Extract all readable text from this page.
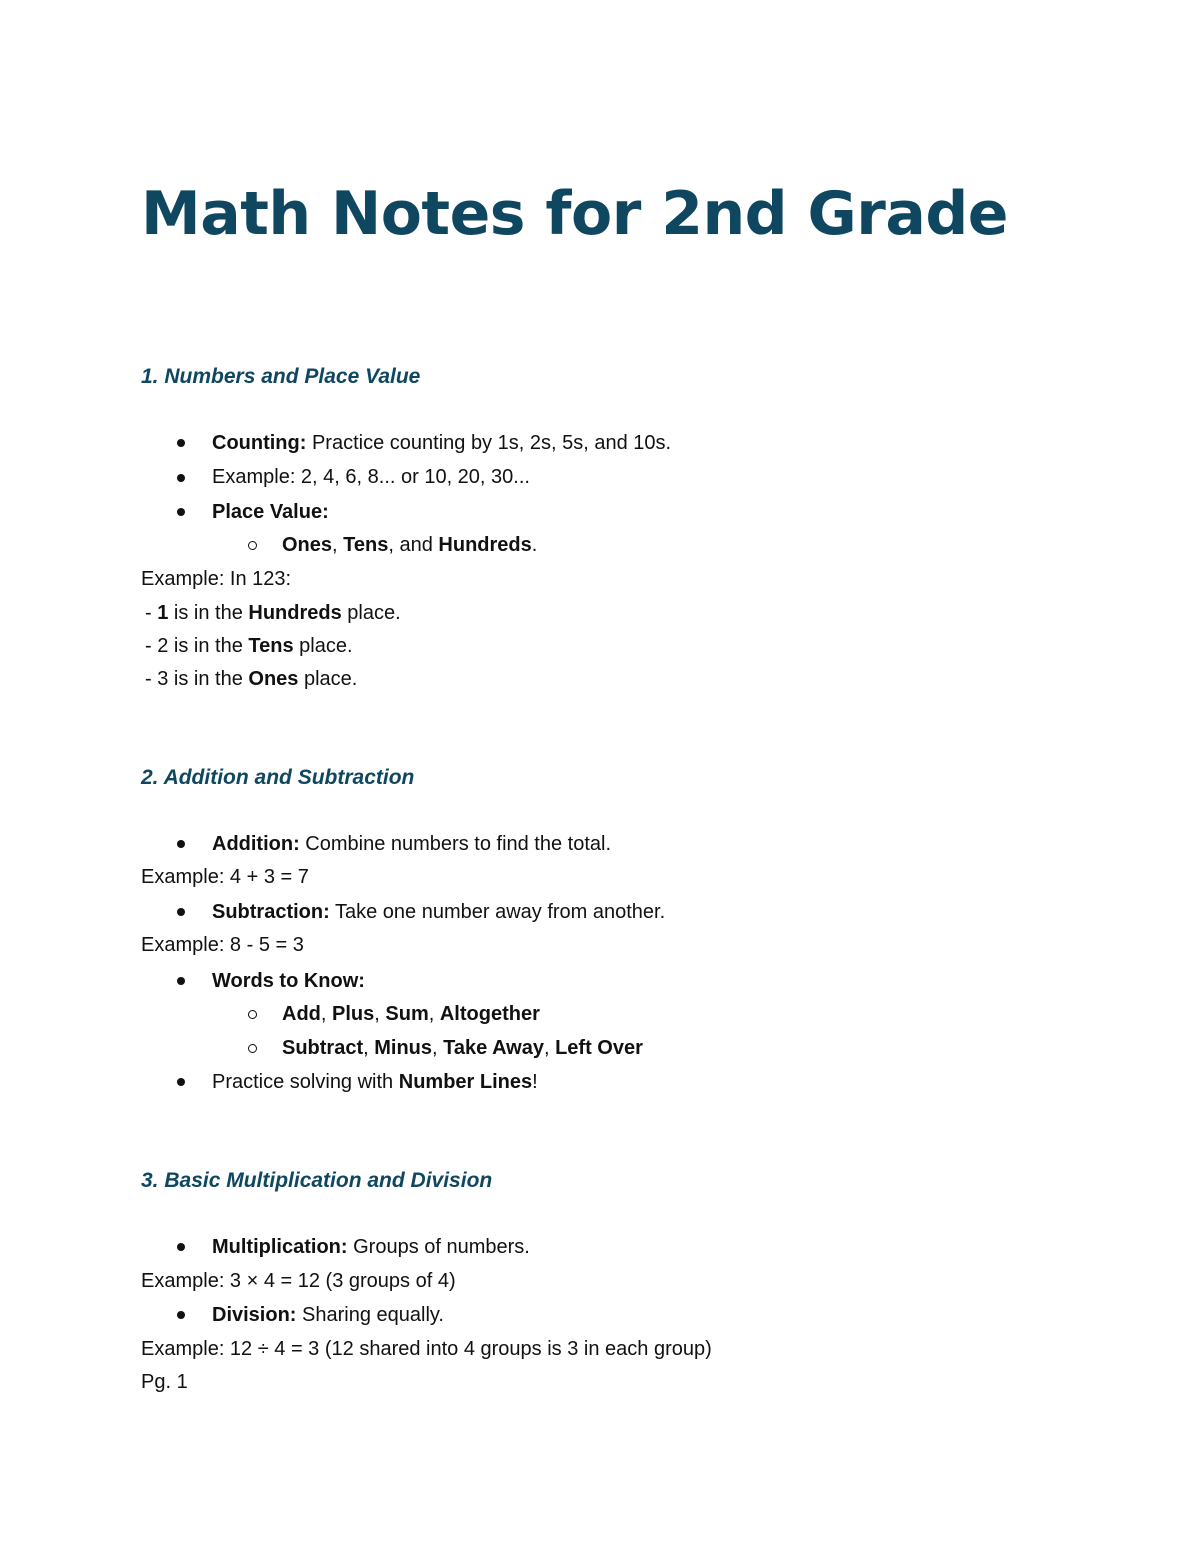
Math Notes for 2nd Grade
1. Numbers and Place Value
Counting: Practice counting by 1s, 2s, 5s, and 10s.
Example: 2, 4, 6, 8... or 10, 20, 30...
Place Value:
Ones, Tens, and Hundreds.
Example: In 123:
- 1 is in the Hundreds place.
- 2 is in the Tens place.
- 3 is in the Ones place.
2. Addition and Subtraction
Addition: Combine numbers to find the total.
Example: 4 + 3 = 7
Subtraction: Take one number away from another.
Example: 8 - 5 = 3
Words to Know:
Add, Plus, Sum, Altogether
Subtract, Minus, Take Away, Left Over
Practice solving with Number Lines!
3. Basic Multiplication and Division
Multiplication: Groups of numbers.
Example: 3 × 4 = 12 (3 groups of 4)
Division: Sharing equally.
Example: 12 ÷ 4 = 3 (12 shared into 4 groups is 3 in each group)
Pg. 1
